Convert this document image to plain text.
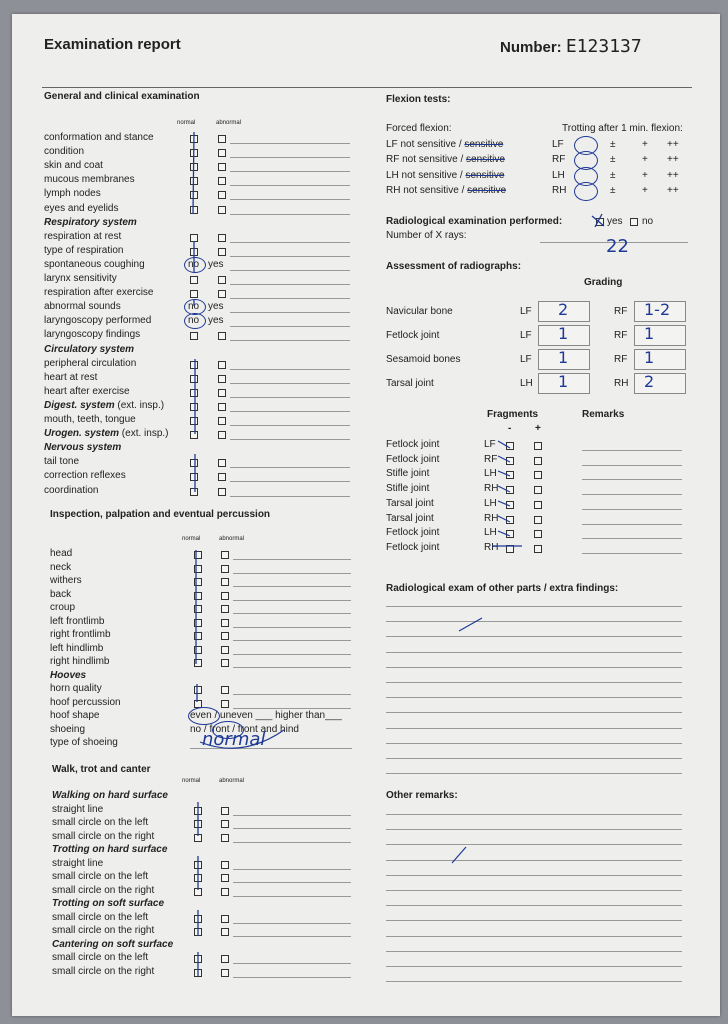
Examination report	Number: E123137
General and clinical examination
normal	abnormal
conformation and stance
condition
skin and coat
mucous membranes
lymph nodes
eyes and eyelids
Respiratory system
respiration at rest
type of respiration
spontaneous coughing	no yes
larynx sensitivity
respiration after exercise
abnormal sounds	no yes
laryngoscopy performed	no yes
laryngoscopy findings
Circulatory system
peripheral circulation
heart at rest
heart after exercise
Digest. system (ext. insp.)
mouth, teeth, tongue
Urogen. system (ext. insp.)
Nervous system
tail tone
correction reflexes
coordination
Inspection, palpation and eventual percussion
normal	abnormal
head
neck
withers
back
croup
left frontlimb
right frontlimb
left hindlimb
right hindlimb
Hooves
horn quality
hoof percussion
hoof shape	even / uneven ___ higher than___
shoeing	no / front / front and hind
type of shoeing	normal
Walk, trot and canter
normal	abnormal
Walking on hard surface
straight line
small circle on the left
small circle on the right
Trotting on hard surface
straight line
small circle on the left
small circle on the right
Trotting on soft surface
small circle on the left
small circle on the right
Cantering on soft surface
small circle on the left
small circle on the right
Flexion tests:
Forced flexion:	Trotting after 1 min. flexion:
LF not sensitive / sensitive	LF	±	+ ++
RF not sensitive / sensitive	RF	±	+ ++
LH not sensitive / sensitive	LH	±	+ ++
RH not sensitive / sensitive	RH	±	+ ++
Radiological examination performed:	yes no
Number of X rays:
22
Assessment of radiographs:
Grading
Navicular bone	LF 2	RF 1-2
Fetlock joint	LF 1	RF 1
Sesamoid bones	LF 1	RF 1
Tarsal joint	LH 1	RH 2
Fragments	Remarks
- +
Fetlock joint	LF
Fetlock joint	RF
Stifle joint	LH
Stifle joint	RH
Tarsal joint	LH
Tarsal joint	RH
Fetlock joint	LH
Fetlock joint	RH
Radiological exam of other parts / extra findings:
Other remarks:
